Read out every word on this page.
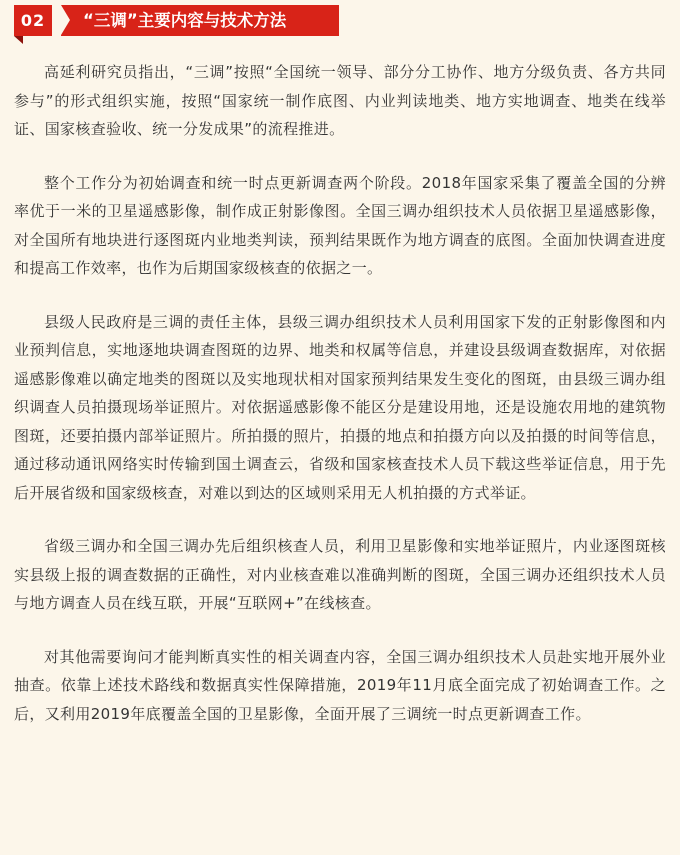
02	“三调”主要内容与技术方法

高延利研究员指出，“三调”按照“全国统一领导、部分分工协作、地方分级负责、各方共同参与”的形式组织实施，按照“国家统一制作底图、内业判读地类、地方实地调查、地类在线举证、国家核查验收、统一分发成果”的流程推进。

整个工作分为初始调查和统一时点更新调查两个阶段。2018年国家采集了覆盖全国的分辨率优于一米的卫星遥感影像，制作成正射影像图。全国三调办组织技术人员依据卫星遥感影像，对全国所有地块进行逐图斑内业地类判读，预判结果既作为地方调查的底图。全面加快调查进度和提高工作效率，也作为后期国家级核查的依据之一。

县级人民政府是三调的责任主体，县级三调办组织技术人员利用国家下发的正射影像图和内业预判信息，实地逐地块调查图斑的边界、地类和权属等信息，并建设县级调查数据库，对依据遥感影像难以确定地类的图斑以及实地现状相对国家预判结果发生变化的图斑，由县级三调办组织调查人员拍摄现场举证照片。对依据遥感影像不能区分是建设用地，还是设施农用地的建筑物图斑，还要拍摄内部举证照片。所拍摄的照片，拍摄的地点和拍摄方向以及拍摄的时间等信息，通过移动通讯网络实时传输到国土调查云，省级和国家核查技术人员下载这些举证信息，用于先后开展省级和国家级核查，对难以到达的区域则采用无人机拍摄的方式举证。

省级三调办和全国三调办先后组织核查人员，利用卫星影像和实地举证照片，内业逐图斑核实县级上报的调查数据的正确性，对内业核查难以准确判断的图斑，全国三调办还组织技术人员与地方调查人员在线互联，开展“互联网+”在线核查。

对其他需要询问才能判断真实性的相关调查内容，全国三调办组织技术人员赴实地开展外业抽查。依靠上述技术路线和数据真实性保障措施，2019年11月底全面完成了初始调查工作。之后，又利用2019年底覆盖全国的卫星影像，全面开展了三调统一时点更新调查工作。
